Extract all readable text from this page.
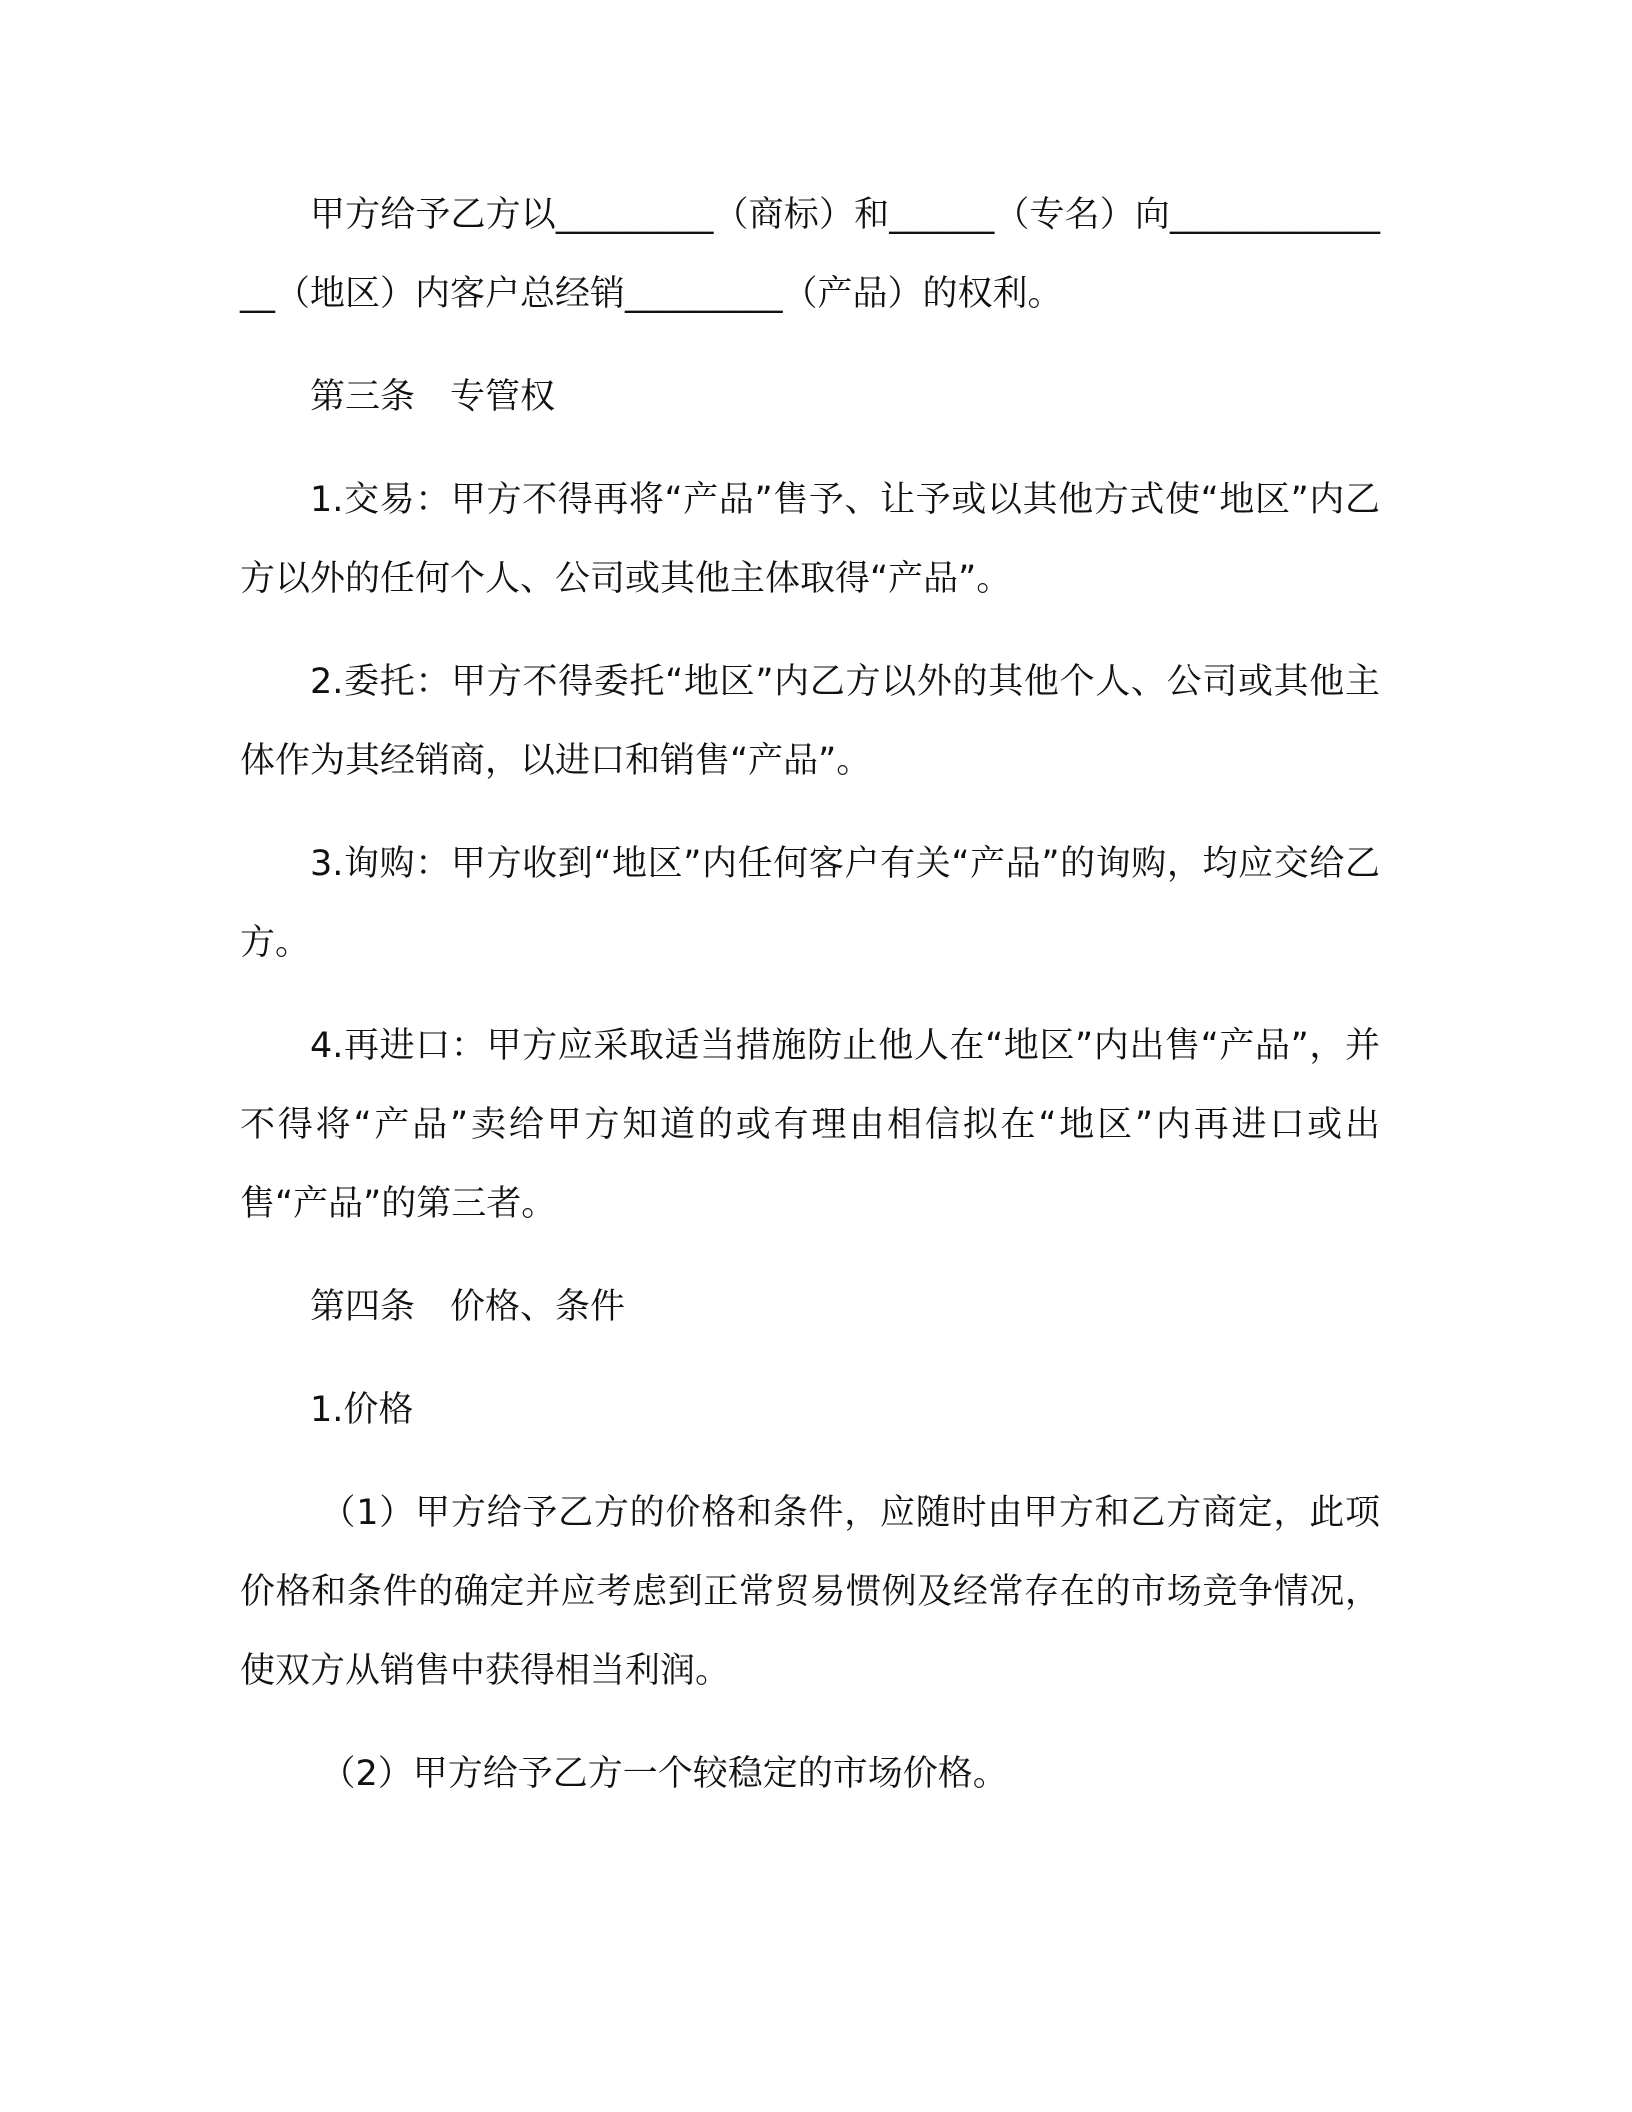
甲方给予乙方以_________（商标）和______（专名）向______________（地区）内客户总经销_________（产品）的权利。

第三条　专管权

1.交易：甲方不得再将“产品”售予、让予或以其他方式使“地区”内乙方以外的任何个人、公司或其他主体取得“产品”。

2.委托：甲方不得委托“地区”内乙方以外的其他个人、公司或其他主体作为其经销商，以进口和销售“产品”。

3.询购：甲方收到“地区”内任何客户有关“产品”的询购，均应交给乙方。

4.再进口：甲方应采取适当措施防止他人在“地区”内出售“产品”，并不得将“产品”卖给甲方知道的或有理由相信拟在“地区”内再进口或出售“产品”的第三者。

第四条　价格、条件

1.价格

（1）甲方给予乙方的价格和条件，应随时由甲方和乙方商定，此项价格和条件的确定并应考虑到正常贸易惯例及经常存在的市场竞争情况，使双方从销售中获得相当利润。

（2）甲方给予乙方一个较稳定的市场价格。
